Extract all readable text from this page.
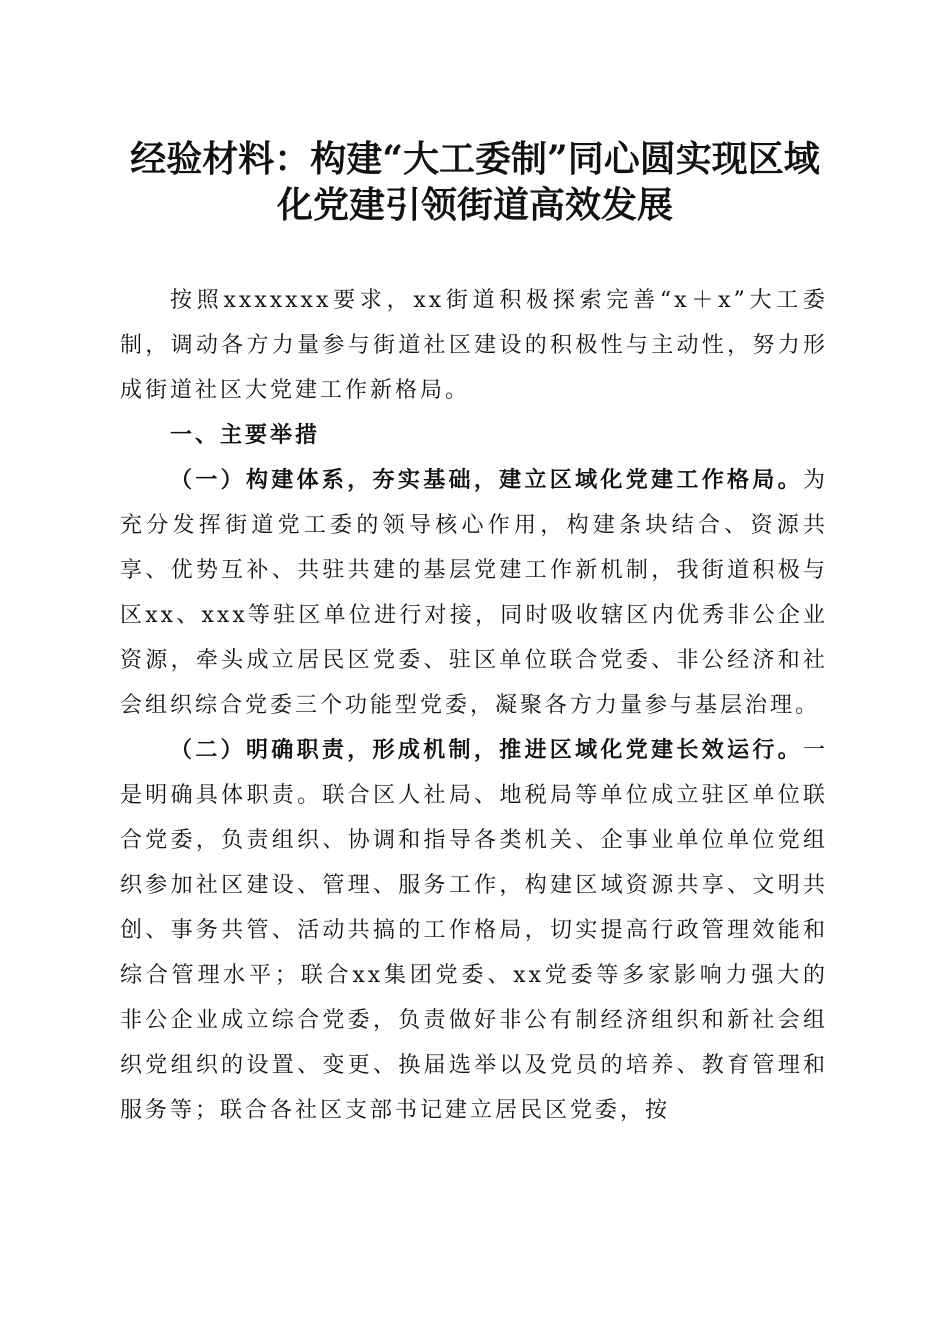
经验材料：构建“大工委制”同心圆实现区域
化党建引领街道高效发展

按照xxxxxxx要求，xx街道积极探索完善“x＋x”大工委制，调动各方力量参与街道社区建设的积极性与主动性，努力形成街道社区大党建工作新格局。

一、主要举措

（一）构建体系，夯实基础，建立区域化党建工作格局。为充分发挥街道党工委的领导核心作用，构建条块结合、资源共享、优势互补、共驻共建的基层党建工作新机制，我街道积极与区xx、xxx等驻区单位进行对接，同时吸收辖区内优秀非公企业资源，牵头成立居民区党委、驻区单位联合党委、非公经济和社会组织综合党委三个功能型党委，凝聚各方力量参与基层治理。

（二）明确职责，形成机制，推进区域化党建长效运行。一是明确具体职责。联合区人社局、地税局等单位成立驻区单位联合党委，负责组织、协调和指导各类机关、企事业单位单位党组织参加社区建设、管理、服务工作，构建区域资源共享、文明共创、事务共管、活动共搞的工作格局，切实提高行政管理效能和综合管理水平；联合xx集团党委、xx党委等多家影响力强大的非公企业成立综合党委，负责做好非公有制经济组织和新社会组织党组织的设置、变更、换届选举以及党员的培养、教育管理和服务等；联合各社区支部书记建立居民区党委，按
